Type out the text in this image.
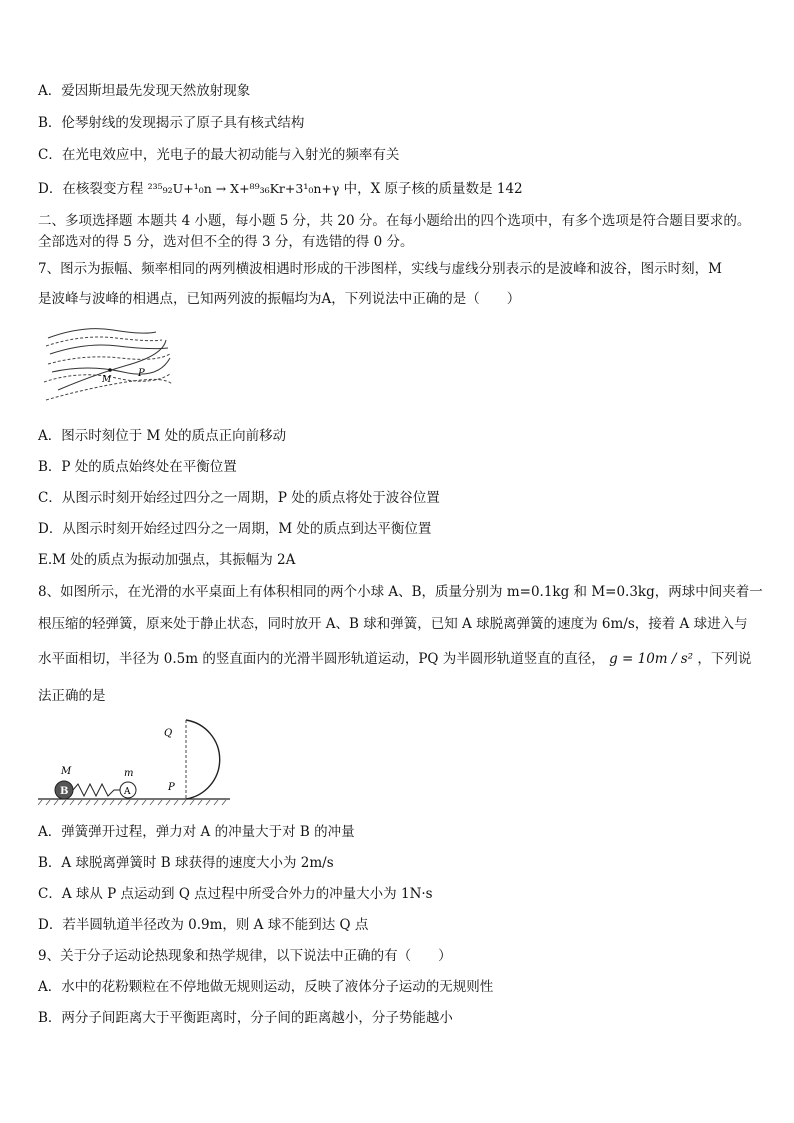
A．爱因斯坦最先发现天然放射现象
B．伦琴射线的发现揭示了原子具有核式结构
C．在光电效应中，光电子的最大初动能与入射光的频率有关
D．在核裂变方程 ²³⁵₉₂U+¹₀n → X+⁸⁹₃₆Kr+3¹₀n+γ 中，X 原子核的质量数是 142
二、多项选择题 本题共 4 小题，每小题 5 分，共 20 分。在每小题给出的四个选项中，有多个选项是符合题目要求的。
全部选对的得 5 分，选对但不全的得 3 分，有选错的得 0 分。
7、图示为振幅、频率相同的两列横波相遇时形成的干涉图样，实线与虚线分别表示的是波峰和波谷，图示时刻，M
是波峰与波峰的相遇点，已知两列波的振幅均为A，下列说法中正确的是（　　）
M
P
A．图示时刻位于 M 处的质点正向前移动
B．P 处的质点始终处在平衡位置
C．从图示时刻开始经过四分之一周期，P 处的质点将处于波谷位置
D．从图示时刻开始经过四分之一周期，M 处的质点到达平衡位置
E.M 处的质点为振动加强点，其振幅为 2A
8、如图所示，在光滑的水平桌面上有体积相同的两个小球 A、B，质量分别为 m=0.1kg 和 M=0.3kg，两球中间夹着一
根压缩的轻弹簧，原来处于静止状态，同时放开 A、B 球和弹簧，已知 A 球脱离弹簧的速度为 6m/s，接着 A 球进入与
水平面相切，半径为 0.5m 的竖直面内的光滑半圆形轨道运动，PQ 为半圆形轨道竖直的直径， g = 10m / s² ，下列说
法正确的是
B	A
M	m
Q
P
A．弹簧弹开过程，弹力对 A 的冲量大于对 B 的冲量
B．A 球脱离弹簧时 B 球获得的速度大小为 2m/s
C．A 球从 P 点运动到 Q 点过程中所受合外力的冲量大小为 1N·s
D．若半圆轨道半径改为 0.9m，则 A 球不能到达 Q 点
9、关于分子运动论热现象和热学规律，以下说法中正确的有（　　）
A．水中的花粉颗粒在不停地做无规则运动，反映了液体分子运动的无规则性
B．两分子间距离大于平衡距离时，分子间的距离越小，分子势能越小
